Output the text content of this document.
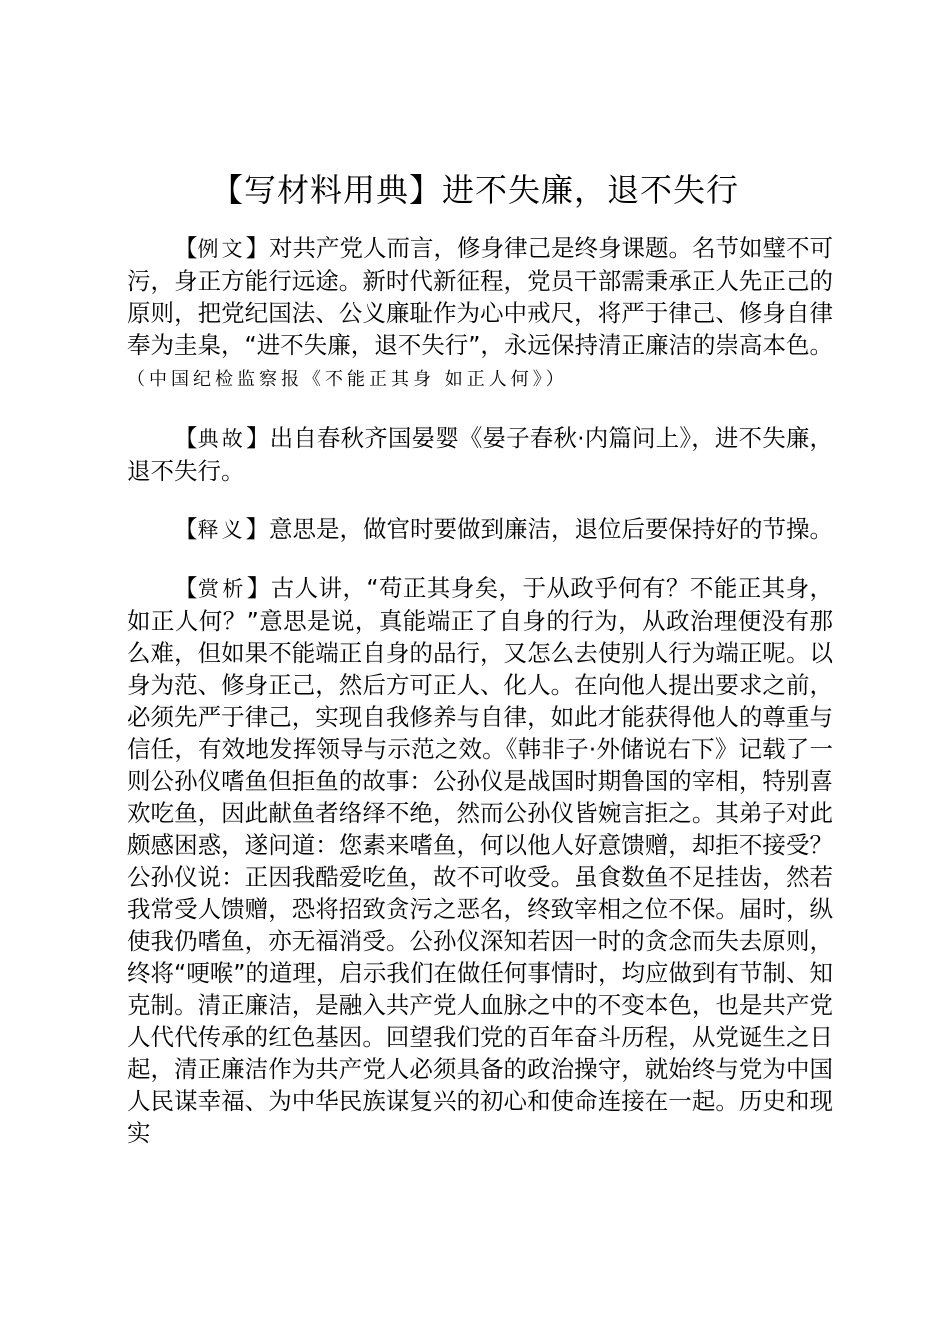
【写材料用典】进不失廉，退不失行

【例文】对共产党人而言，修身律己是终身课题。名节如璧不可污，身正方能行远途。新时代新征程，党员干部需秉承正人先正己的原则，把党纪国法、公义廉耻作为心中戒尺，将严于律己、修身自律奉为圭臬，“进不失廉，退不失行”，永远保持清正廉洁的崇高本色。（中国纪检监察报《不能正其身 如正人何》）

【典故】出自春秋齐国晏婴《晏子春秋·内篇问上》，进不失廉，退不失行。

【释义】意思是，做官时要做到廉洁，退位后要保持好的节操。

【赏析】古人讲，“苟正其身矣，于从政乎何有？不能正其身，如正人何？”意思是说，真能端正了自身的行为，从政治理便没有那么难，但如果不能端正自身的品行，又怎么去使别人行为端正呢。以身为范、修身正己，然后方可正人、化人。在向他人提出要求之前，必须先严于律己，实现自我修养与自律，如此才能获得他人的尊重与信任，有效地发挥领导与示范之效。《韩非子·外储说右下》记载了一则公孙仪嗜鱼但拒鱼的故事：公孙仪是战国时期鲁国的宰相，特别喜欢吃鱼，因此献鱼者络绎不绝，然而公孙仪皆婉言拒之。其弟子对此颇感困惑，遂问道：您素来嗜鱼，何以他人好意馈赠，却拒不接受？公孙仪说：正因我酷爱吃鱼，故不可收受。虽食数鱼不足挂齿，然若我常受人馈赠，恐将招致贪污之恶名，终致宰相之位不保。届时，纵使我仍嗜鱼，亦无福消受。公孙仪深知若因一时的贪念而失去原则，终将“哽喉”的道理，启示我们在做任何事情时，均应做到有节制、知克制。清正廉洁，是融入共产党人血脉之中的不变本色，也是共产党人代代传承的红色基因。回望我们党的百年奋斗历程，从党诞生之日起，清正廉洁作为共产党人必须具备的政治操守，就始终与党为中国人民谋幸福、为中华民族谋复兴的初心和使命连接在一起。历史和现实
